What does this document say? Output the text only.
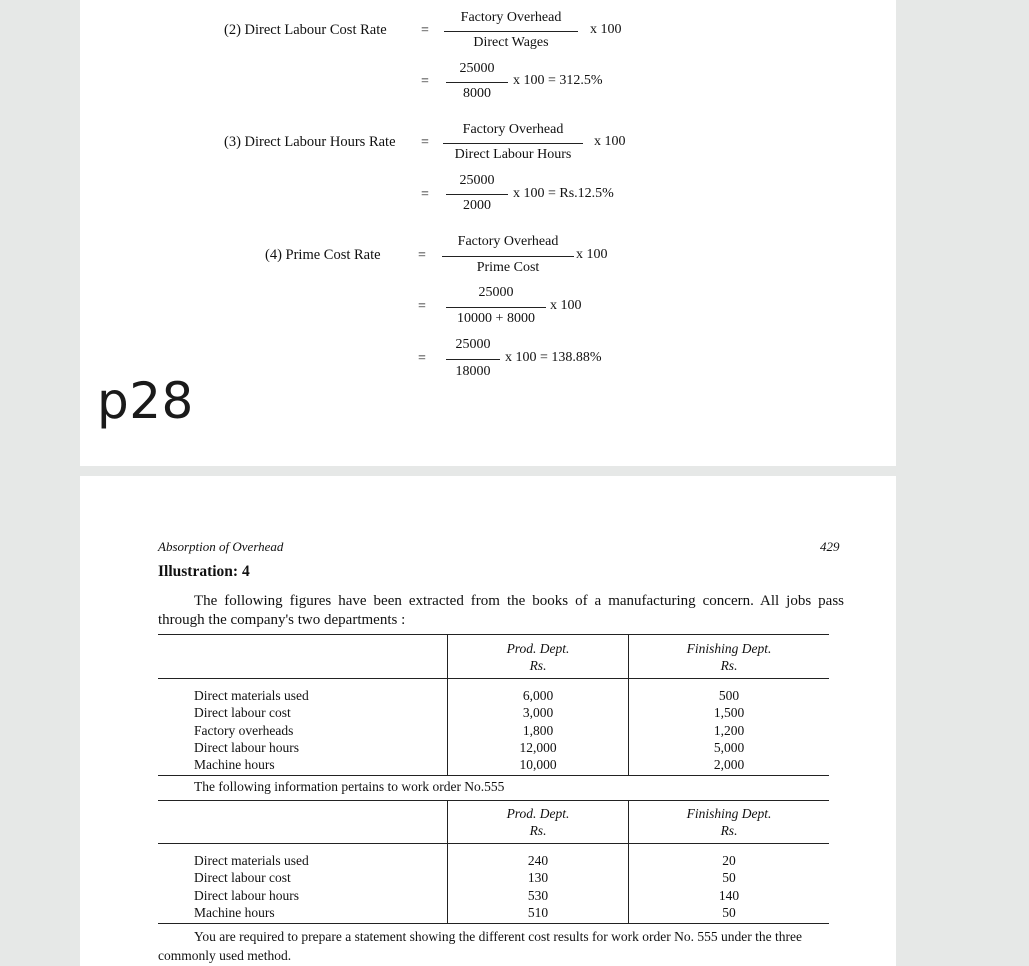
(2) Direct Labour Cost Rate =
Factory Overhead
Direct Wages
x 100
=
25000
8000
x 100 = 312.5%
(3) Direct Labour Hours Rate =
Factory Overhead
Direct Labour Hours
x 100
=
25000
2000
x 100 = Rs.12.5%
(4) Prime Cost Rate	=
Factory Overhead
Prime Cost
x 100
=
25000
10000 + 8000
x 100
=
25000
18000
x 100 = 138.88%
p28
Absorption of Overhead	429
Illustration: 4
The following figures have been extracted from the books of a manufacturing concern. All jobs pass through the company's two departments :
	Prod. Dept.	Finishing Dept.
	Rs.	Rs.

Direct materials used	6,000	500
Direct labour cost	3,000	1,500
Factory overheads	1,800	1,200
Direct labour hours	12,000	5,000
Machine hours	10,000	2,000
The following information pertains to work order No.555
	Prod. Dept.	Finishing Dept.
	Rs.	Rs.

Direct materials used	240	20
Direct labour cost	130	50
Direct labour hours	530	140
Machine hours	510	50
You are required to prepare a statement showing the different cost results for work order No. 555 under the three commonly used method.
